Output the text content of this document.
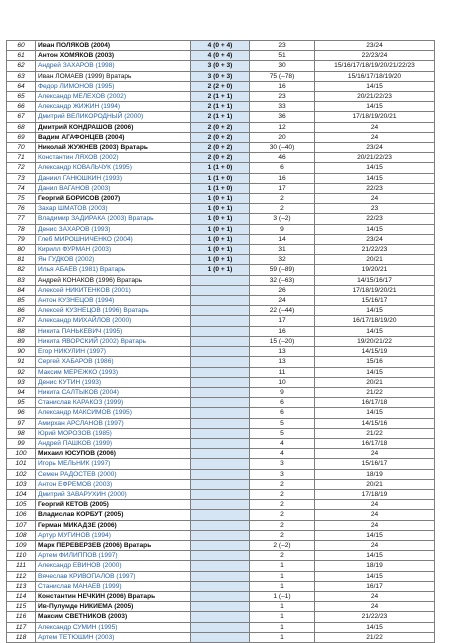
60	Иван ПОЛЯКОВ (2004)	4 (0 + 4)	23	23/24
61	Антон ХОМЯКОВ (2003)	4 (0 + 4)	51	22/23/24
62	Андрей ЗАХАРОВ (1998)	3 (0 + 3)	30	15/16/17/18/19/20/21/22/23
63	Иван ЛОМАЕВ (1999) Вратарь	3 (0 + 3)	75 (–78)	15/16/17/18/19/20
64	Федор ЛИМОНОВ (1995)	2 (2 + 0)	16	14/15
65	Александр МЕЛЕХОВ (2002)	2 (1 + 1)	23	20/21/22/23
66	Александр ЖИЖИН (1994)	2 (1 + 1)	33	14/15
67	Дмитрий ВЕЛИКОРОДНЫЙ (2000)	2 (1 + 1)	36	17/18/19/20/21
68	Дмитрий КОНДРАШОВ (2006)	2 (0 + 2)	12	24
69	Вадим АГАФОНЦЕВ (2004)	2 (0 + 2)	20	24
70	Николай ЖУЖНЕВ (2003) Вратарь	2 (0 + 2)	30 (–40)	23/24
71	Константин ЛЯХОВ (2002)	2 (0 + 2)	46	20/21/22/23
72	Александр КОВАЛЬЧУК (1995)	1 (1 + 0)	6	14/15
73	Даниил ГАНЮШКИН (1993)	1 (1 + 0)	16	14/15
74	Данил ВАГАНОВ (2003)	1 (1 + 0)	17	22/23
75	Георгий БОРИСОВ (2007)	1 (0 + 1)	2	24
76	Захар ШМАТОВ (2003)	1 (0 + 1)	2	23
77	Владимир ЗАДИРАКА (2003) Вратарь	1 (0 + 1)	3 (–2)	22/23
78	Денис ЗАХАРОВ (1993)	1 (0 + 1)	9	14/15
79	Глеб МИРОШНИЧЕНКО (2004)	1 (0 + 1)	14	23/24
80	Кирилл ФУРМАН (2003)	1 (0 + 1)	31	21/22/23
81	Ян ГУДКОВ (2002)	1 (0 + 1)	32	20/21
82	Илья АБАЕВ (1981) Вратарь	1 (0 + 1)	59 (–89)	19/20/21
83	Андрей КОНАКОВ (1996) Вратарь		32 (–63)	14/15/16/17
84	Алексей НИКИТЕНКОВ (2001)		26	17/18/19/20/21
85	Антон КУЗНЕЦОВ (1994)		24	15/16/17
86	Алексей КУЗНЕЦОВ (1996) Вратарь		22 (–44)	14/15
87	Александр МИХАЙЛОВ (2000)		17	16/17/18/19/20
88	Никита ПАНЬКЕВИЧ (1995)		16	14/15
89	Никита ЯВОРСКИЙ (2002) Вратарь		15 (–20)	19/20/21/22
90	Егор НИКУЛИН (1997)		13	14/15/19
91	Сергей ХАБАРОВ (1986)		13	15/16
92	Максим МЕРЕЖКО (1993)		11	14/15
93	Денис КУТИН (1993)		10	20/21
94	Никита САЛТЫКОВ (2004)		9	21/22
95	Станислав КАРАКОЗ (1999)		6	16/17/18
96	Александр МАКСИМОВ (1995)		6	14/15
97	Амирхан АРСЛАНОВ (1997)		5	14/15/16
98	Юрий МОРОЗОВ (1985)		5	21/22
99	Андрей ПАШКОВ (1999)		4	16/17/18
100	Михаил ЮСУПОВ (2006)		4	24
101	Игорь МЕЛЬНИК (1997)		3	15/16/17
102	Семен РАДОСТЕВ (2000)		3	18/19
103	Антон ЕФРЕМОВ (2003)		2	20/21
104	Дмитрий ЗАВАРУХИН (2000)		2	17/18/19
105	Георгий КЕТОВ (2005)		2	24
106	Владислав КОРБУТ (2005)		2	24
107	Герман МИКАДЗЕ (2006)		2	24
108	Артур МУГИНОВ (1994)		2	14/15
109	Марк ПЕРЕВЕРЗЕВ (2006) Вратарь		2 (–2)	24
110	Артем ФИЛИППОВ (1997)		2	14/15
111	Александр ЕВИНОВ (2000)		1	18/19
112	Вячеслав КРИВОПАЛОВ (1997)		1	14/15
113	Станислав МАНАЕВ (1999)		1	16/17
114	Константин НЕЧКИН (2006) Вратарь		1 (–1)	24
115	Ив-Пулумде НИКИЕМА (2005)		1	24
116	Максим СВЕТНИКОВ (2003)		1	21/22/23
117	Александр СУМИН (1995)		1	14/15
118	Артем ТЕТЮШИН (2003)		1	21/22
